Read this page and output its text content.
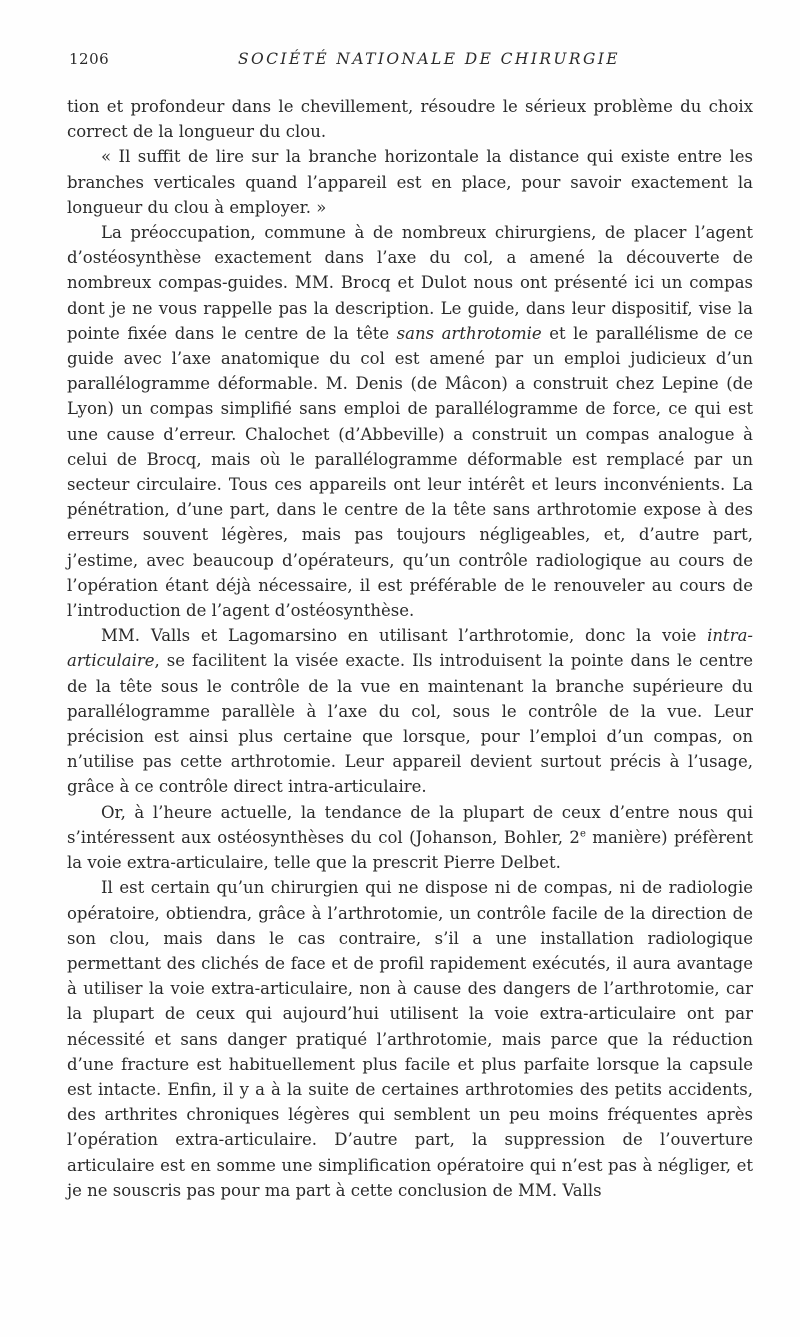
1206	SOCIÉTÉ NATIONALE DE CHIRURGIE

tion et profondeur dans le chevillement, résoudre le sérieux problème du choix correct de la longueur du clou.

« Il suffit de lire sur la branche horizontale la distance qui existe entre les branches verticales quand l’appareil est en place, pour savoir exactement la longueur du clou à employer. »

La préoccupation, commune à de nombreux chirurgiens, de placer l’agent d’ostéosynthèse exactement dans l’axe du col, a amené la découverte de nombreux compas-guides. MM. Brocq et Dulot nous ont présenté ici un compas dont je ne vous rappelle pas la description. Le guide, dans leur dispositif, vise la pointe fixée dans le centre de la tête sans arthrotomie et le parallélisme de ce guide avec l’axe anatomique du col est amené par un emploi judicieux d’un parallélogramme déformable. M. Denis (de Mâcon) a construit chez Lepine (de Lyon) un compas simplifié sans emploi de parallélogramme de force, ce qui est une cause d’erreur. Chalochet (d’Abbeville) a construit un compas analogue à celui de Brocq, mais où le parallélogramme déformable est remplacé par un secteur circulaire. Tous ces appareils ont leur intérêt et leurs inconvénients. La pénétration, d’une part, dans le centre de la tête sans arthrotomie expose à des erreurs souvent légères, mais pas toujours négligeables, et, d’autre part, j’estime, avec beaucoup d’opérateurs, qu’un contrôle radiologique au cours de l’opération étant déjà nécessaire, il est préférable de le renouveler au cours de l’introduction de l’agent d’ostéosynthèse.

MM. Valls et Lagomarsino en utilisant l’arthrotomie, donc la voie intra-articulaire, se facilitent la visée exacte. Ils introduisent la pointe dans le centre de la tête sous le contrôle de la vue en maintenant la branche supérieure du parallélogramme parallèle à l’axe du col, sous le contrôle de la vue. Leur précision est ainsi plus certaine que lorsque, pour l’emploi d’un compas, on n’utilise pas cette arthrotomie. Leur appareil devient surtout précis à l’usage, grâce à ce contrôle direct intra-articulaire.

Or, à l’heure actuelle, la tendance de la plupart de ceux d’entre nous qui s’intéressent aux ostéosynthèses du col (Johanson, Bohler, 2e manière) préfèrent la voie extra-articulaire, telle que la prescrit Pierre Delbet.

Il est certain qu’un chirurgien qui ne dispose ni de compas, ni de radiologie opératoire, obtiendra, grâce à l’arthrotomie, un contrôle facile de la direction de son clou, mais dans le cas contraire, s’il a une installation radiologique permettant des clichés de face et de profil rapidement exécutés, il aura avantage à utiliser la voie extra-articulaire, non à cause des dangers de l’arthrotomie, car la plupart de ceux qui aujourd’hui utilisent la voie extra-articulaire ont par nécessité et sans danger pratiqué l’arthrotomie, mais parce que la réduction d’une fracture est habituellement plus facile et plus parfaite lorsque la capsule est intacte. Enfin, il y a à la suite de certaines arthrotomies des petits accidents, des arthrites chroniques légères qui semblent un peu moins fréquentes après l’opération extra-articulaire. D’autre part, la suppression de l’ouverture articulaire est en somme une simplification opératoire qui n’est pas à négliger, et je ne souscris pas pour ma part à cette conclusion de MM. Valls
